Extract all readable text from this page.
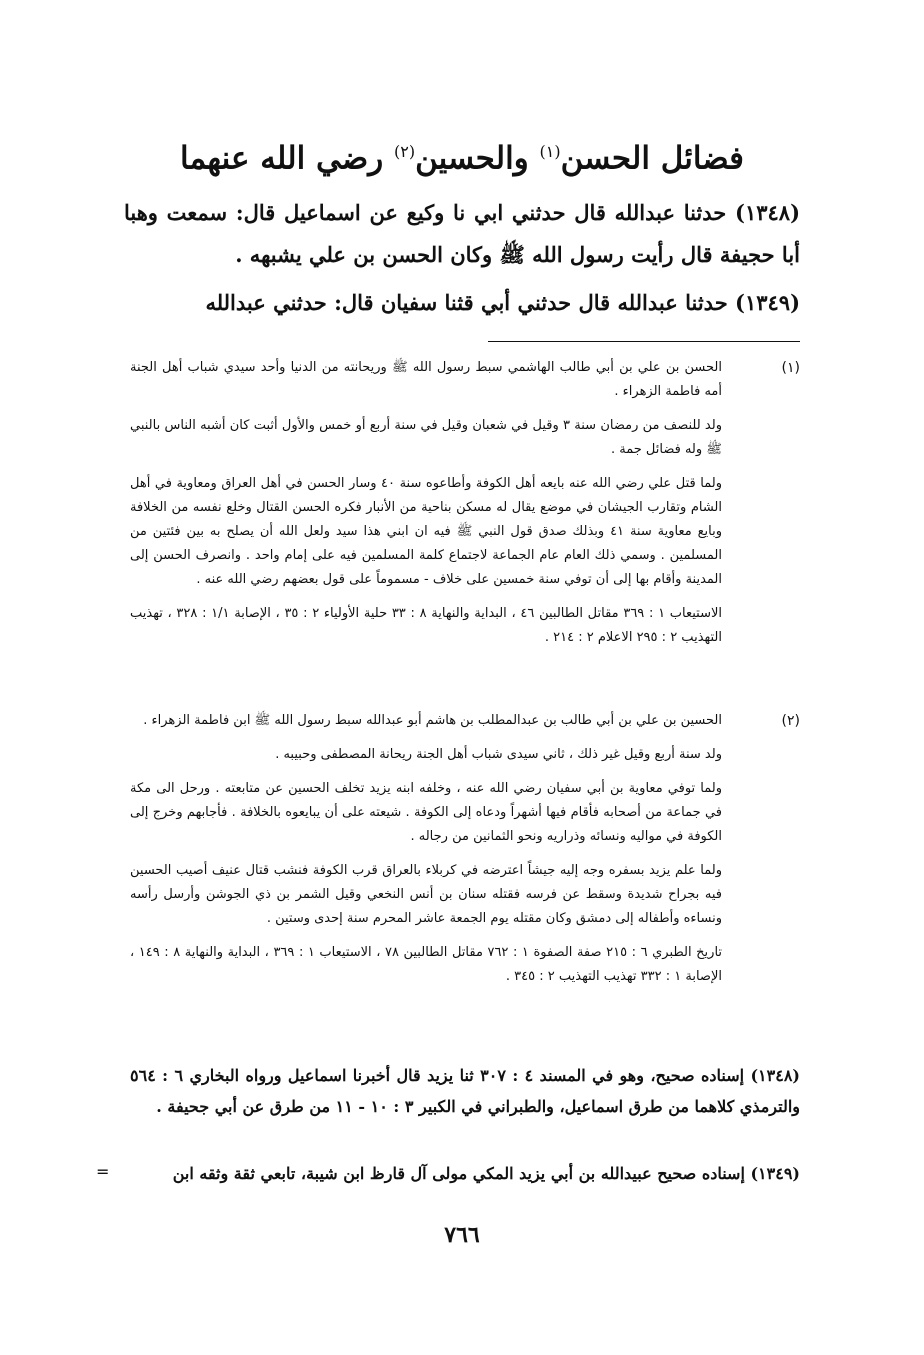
فضائل الحسن$^{(١)}$ والحسين$^{(٢)}$ رضي الله عنهما

(١٣٤٨) حدثنا عبدالله قال حدثني ابي نا وكيع عن اسماعيل قال: سمعت وهبا أبا حجيفة قال رأيت رسول الله ﷺ وكان الحسن بن علي يشبهه .

(١٣٤٩) حدثنا عبدالله قال حدثني أبي قثنا سفيان قال: حدثني عبدالله

(١)

الحسن بن علي بن أبي طالب الهاشمي سبط رسول الله ﷺ وريحانته من الدنيا وأحد سيدي شباب أهل الجنة أمه فاطمة الزهراء .

ولد للنصف من رمضان سنة ٣ وقيل في شعبان وقيل في سنة أربع أو خمس والأول أثبت كان أشبه الناس بالنبي ﷺ وله فضائل جمة .

ولما قتل علي رضي الله عنه بايعه أهل الكوفة وأطاعوه سنة ٤٠ وسار الحسن في أهل العراق ومعاوية في أهل الشام وتقارب الجيشان في موضع يقال له مسكن بناحية من الأنبار فكره الحسن القتال وخلع نفسه من الخلافة وبايع معاوية سنة ٤١ وبذلك صدق قول النبي ﷺ فيه ان ابني هذا سيد ولعل الله أن يصلح به بين فئتين من المسلمين . وسمي ذلك العام عام الجماعة لاجتماع كلمة المسلمين فيه على إمام واحد . وانصرف الحسن إلى المدينة وأقام بها إلى أن توفي سنة خمسين على خلاف - مسموماً على قول بعضهم رضي الله عنه .

الاستيعاب ١ : ٣٦٩ مقاتل الطالبين ٤٦ ، البداية والنهاية ٨ : ٣٣ حلية الأولياء ٢ : ٣٥ ، الإصابة ١/١ : ٣٢٨ ، تهذيب التهذيب ٢ : ٢٩٥ الاعلام ٢ : ٢١٤ .

(٢)

الحسين بن علي بن أبي طالب بن عبدالمطلب بن هاشم أبو عبدالله سبط رسول الله ﷺ ابن فاطمة الزهراء .

ولد سنة أربع وقيل غير ذلك ، ثاني سيدى شباب أهل الجنة ريحانة المصطفى وحبيبه .

ولما توفي معاوية بن أبي سفيان رضي الله عنه ، وخلفه ابنه يزيد تخلف الحسين عن متابعته . ورحل الى مكة في جماعة من أصحابه فأقام فيها أشهراً ودعاه إلى الكوفة . شيعته على أن يبايعوه بالخلافة . فأجابهم وخرج إلى الكوفة في مواليه ونسائه وذراريه ونحو الثمانين من رجاله .

ولما علم يزيد بسفره وجه إليه جيشاً اعترضه في كربلاء بالعراق قرب الكوفة فنشب قتال عنيف أصيب الحسين فيه بجراح شديدة وسقط عن فرسه فقتله سنان بن أنس النخعي وقيل الشمر بن ذي الجوشن وأرسل رأسه ونساءه وأطفاله إلى دمشق وكان مقتله يوم الجمعة عاشر المحرم سنة إحدى وستين .

تاريخ الطبري ٦ : ٢١٥ صفة الصفوة ١ : ٧٦٢ مقاتل الطالبين ٧٨ ، الاستيعاب ١ : ٣٦٩ ، البداية والنهاية ٨ : ١٤٩ ، الإصابة ١ : ٣٣٢ تهذيب التهذيب ٢ : ٣٤٥ .

(١٣٤٨) إسناده صحيح، وهو في المسند ٤ : ٣٠٧ ثنا يزيد قال أخبرنا اسماعيل ورواه البخاري ٦ : ٥٦٤ والترمذي كلاهما من طرق اسماعيل، والطبراني في الكبير ٣ : ١٠ - ١١ من طرق عن أبي جحيفة .

(١٣٤٩) إسناده صحيح عبيدالله بن أبي يزيد المكي مولى آل قارظ ابن شيبة، تابعي ثقة وثقه ابن

=
٧٦٦
